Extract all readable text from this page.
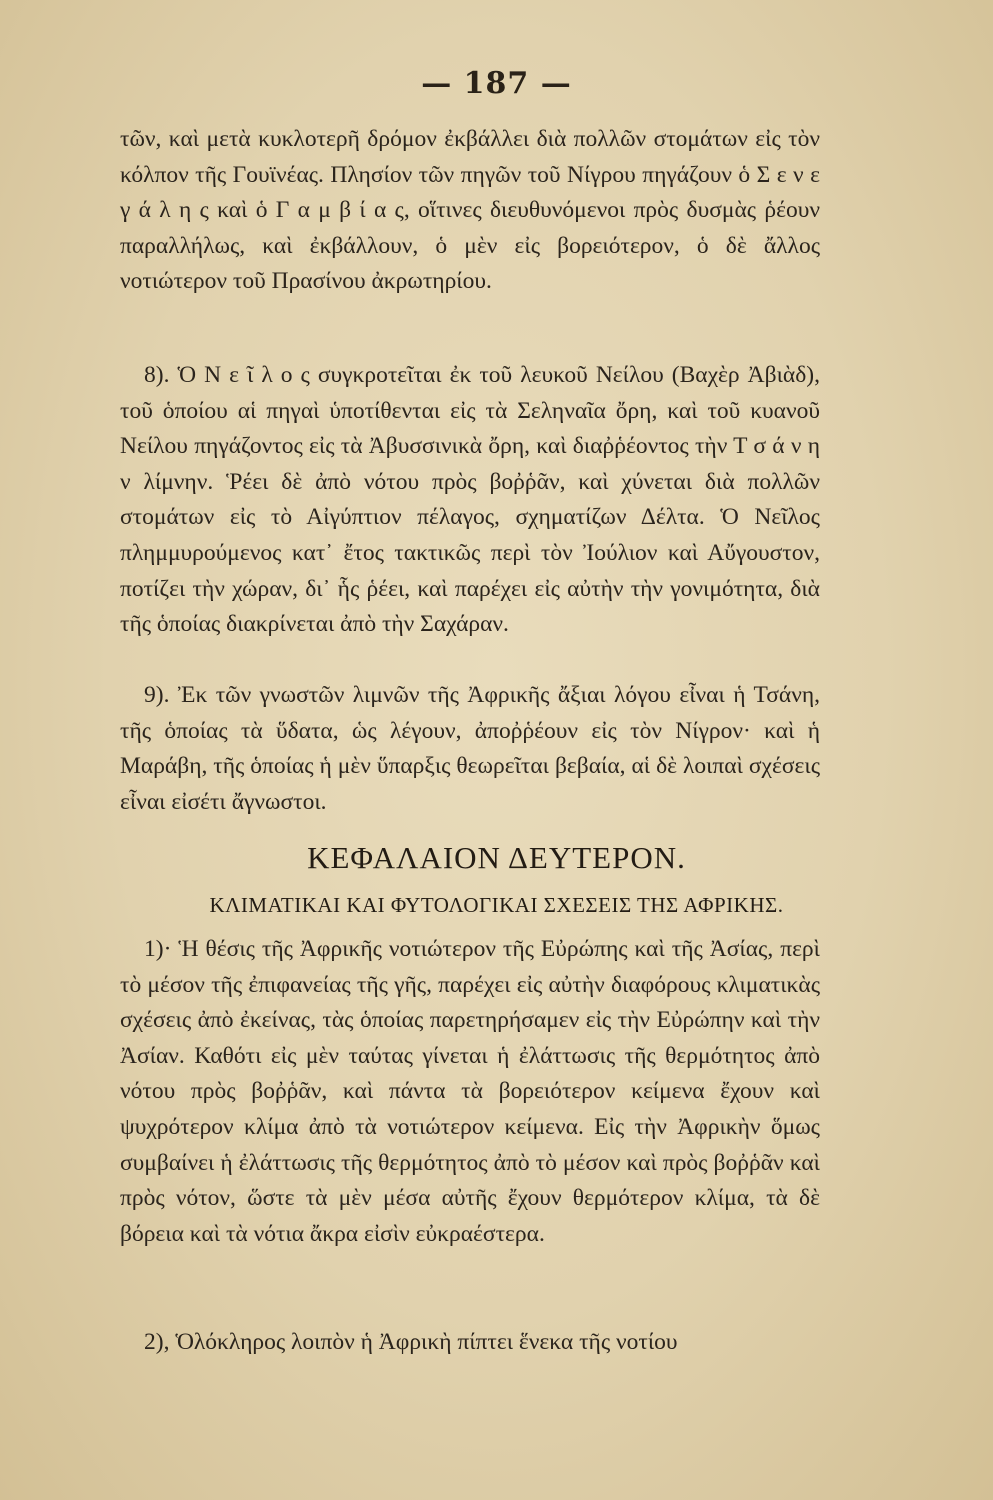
— 187 —

τῶν, καὶ μετὰ κυκλοτερῆ δρόμον ἐκβάλλει διὰ πολλῶν στομάτων εἰς τὸν κόλπον τῆς Γουϊνέας. Πλησίον τῶν πηγῶν τοῦ Νίγρου πηγάζουν ὁ Σ ε ν ε γ ά λ η ς καὶ ὁ Γ α μ β ί α ς, οἵτινες διευθυνόμενοι πρὸς δυσμὰς ῥέουν παραλλήλως, καὶ ἐκβάλλουν, ὁ μὲν εἰς βορειότερον, ὁ δὲ ἄλλος νοτιώτερον τοῦ Πρασίνου ἀκρωτηρίου.

8). Ὁ Ν ε ῖ λ ο ς συγκροτεῖται ἐκ τοῦ λευκοῦ Νείλου (Βαχὲρ Ἀβιὰδ), τοῦ ὁποίου αἱ πηγαὶ ὑποτίθενται εἰς τὰ Σεληναῖα ὄρη, καὶ τοῦ κυανοῦ Νείλου πηγάζοντος εἰς τὰ Ἀβυσσινικὰ ὄρη, καὶ διαῤῥέοντος τὴν Τ σ ά ν η ν λίμνην. Ῥέει δὲ ἀπὸ νότου πρὸς βοῤῥᾶν, καὶ χύνεται διὰ πολλῶν στομάτων εἰς τὸ Αἰγύπτιον πέλαγος, σχηματίζων Δέλτα. Ὁ Νεῖλος πλημμυρούμενος κατ᾽ ἔτος τακτικῶς περὶ τὸν Ἰούλιον καὶ Αὔγουστον, ποτίζει τὴν χώραν, δι᾽ ἧς ῥέει, καὶ παρέχει εἰς αὐτὴν τὴν γονιμότητα, διὰ τῆς ὁποίας διακρίνεται ἀπὸ τὴν Σαχάραν.

9). Ἐκ τῶν γνωστῶν λιμνῶν τῆς Ἀφρικῆς ἄξιαι λόγου εἶναι ἡ Τσάνη, τῆς ὁποίας τὰ ὕδατα, ὡς λέγουν, ἀποῤῥέουν εἰς τὸν Νίγρον· καὶ ἡ Μαράβη, τῆς ὁποίας ἡ μὲν ὕπαρξις θεωρεῖται βεβαία, αἱ δὲ λοιπαὶ σχέσεις εἶναι εἰσέτι ἄγνωστοι.

ΚΕΦΑΛΑΙΟΝ ΔΕΥΤΕΡΟΝ.
ΚΛΙΜΑΤΙΚΑΙ ΚΑΙ ΦΥΤΟΛΟΓΙΚΑΙ ΣΧΕΣΕΙΣ ΤΗΣ ΑΦΡΙΚΗΣ.

1)· Ἡ θέσις τῆς Ἀφρικῆς νοτιώτερον τῆς Εὐρώπης καὶ τῆς Ἀσίας, περὶ τὸ μέσον τῆς ἐπιφανείας τῆς γῆς, παρέχει εἰς αὐτὴν διαφόρους κλιματικὰς σχέσεις ἀπὸ ἐκείνας, τὰς ὁποίας παρετηρήσαμεν εἰς τὴν Εὐρώπην καὶ τὴν Ἀσίαν. Καθότι εἰς μὲν ταύτας γίνεται ἡ ἐλάττωσις τῆς θερμότητος ἀπὸ νότου πρὸς βοῤῥᾶν, καὶ πάντα τὰ βορειότερον κείμενα ἔχουν καὶ ψυχρότερον κλίμα ἀπὸ τὰ νοτιώτερον κείμενα. Εἰς τὴν Ἀφρικὴν ὅμως συμβαίνει ἡ ἐλάττωσις τῆς θερμότητος ἀπὸ τὸ μέσον καὶ πρὸς βοῤῥᾶν καὶ πρὸς νότον, ὥστε τὰ μὲν μέσα αὐτῆς ἔχουν θερμότερον κλίμα, τὰ δὲ βόρεια καὶ τὰ νότια ἄκρα εἰσὶν εὐκραέστερα.

2), Ὁλόκληρος λοιπὸν ἡ Ἀφρικὴ πίπτει ἕνεκα τῆς νοτίου
